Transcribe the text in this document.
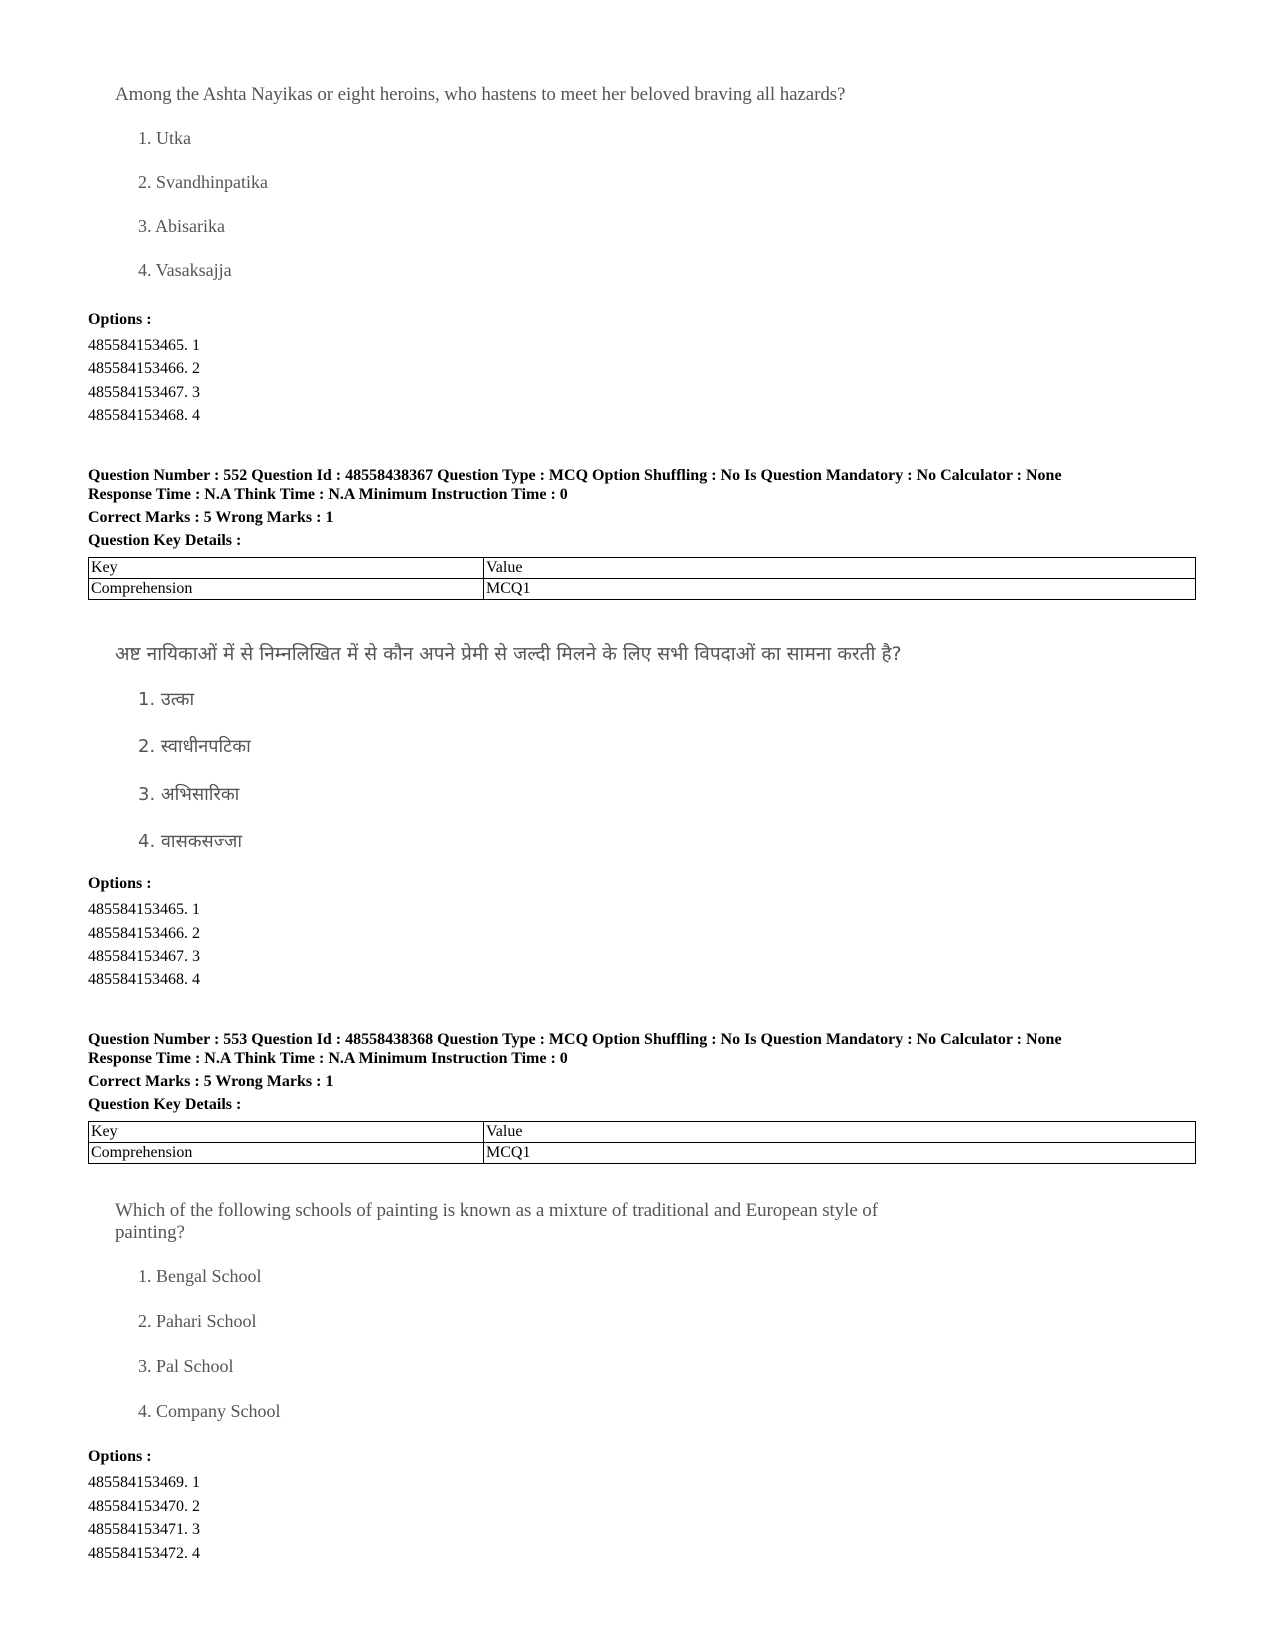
Among the Ashta Nayikas or eight heroins, who hastens to meet her beloved braving all hazards?
1. Utka
2. Svandhinpatika
3. Abisarika
4. Vasaksajja
Options :
485584153465. 1
485584153466. 2
485584153467. 3
485584153468. 4
Question Number : 552 Question Id : 48558438367 Question Type : MCQ Option Shuffling : No Is Question Mandatory : No Calculator : None
Response Time : N.A Think Time : N.A Minimum Instruction Time : 0
Correct Marks : 5 Wrong Marks : 1
Question Key Details :
Key	Value
Comprehension	MCQ1
अष्ट नायिकाओं में से निम्नलिखित में से कौन अपने प्रेमी से जल्दी मिलने के लिए सभी विपदाओं का सामना करती है?
1. उत्का
2. स्वाधीनपटिका
3. अभिसारिका
4. वासकसज्जा
Options :
485584153465. 1
485584153466. 2
485584153467. 3
485584153468. 4
Question Number : 553 Question Id : 48558438368 Question Type : MCQ Option Shuffling : No Is Question Mandatory : No Calculator : None
Response Time : N.A Think Time : N.A Minimum Instruction Time : 0
Correct Marks : 5 Wrong Marks : 1
Question Key Details :
Key	Value
Comprehension	MCQ1
Which of the following schools of painting is known as a mixture of traditional and European style of
painting?
1. Bengal School
2. Pahari School
3. Pal School
4. Company School
Options :
485584153469. 1
485584153470. 2
485584153471. 3
485584153472. 4
